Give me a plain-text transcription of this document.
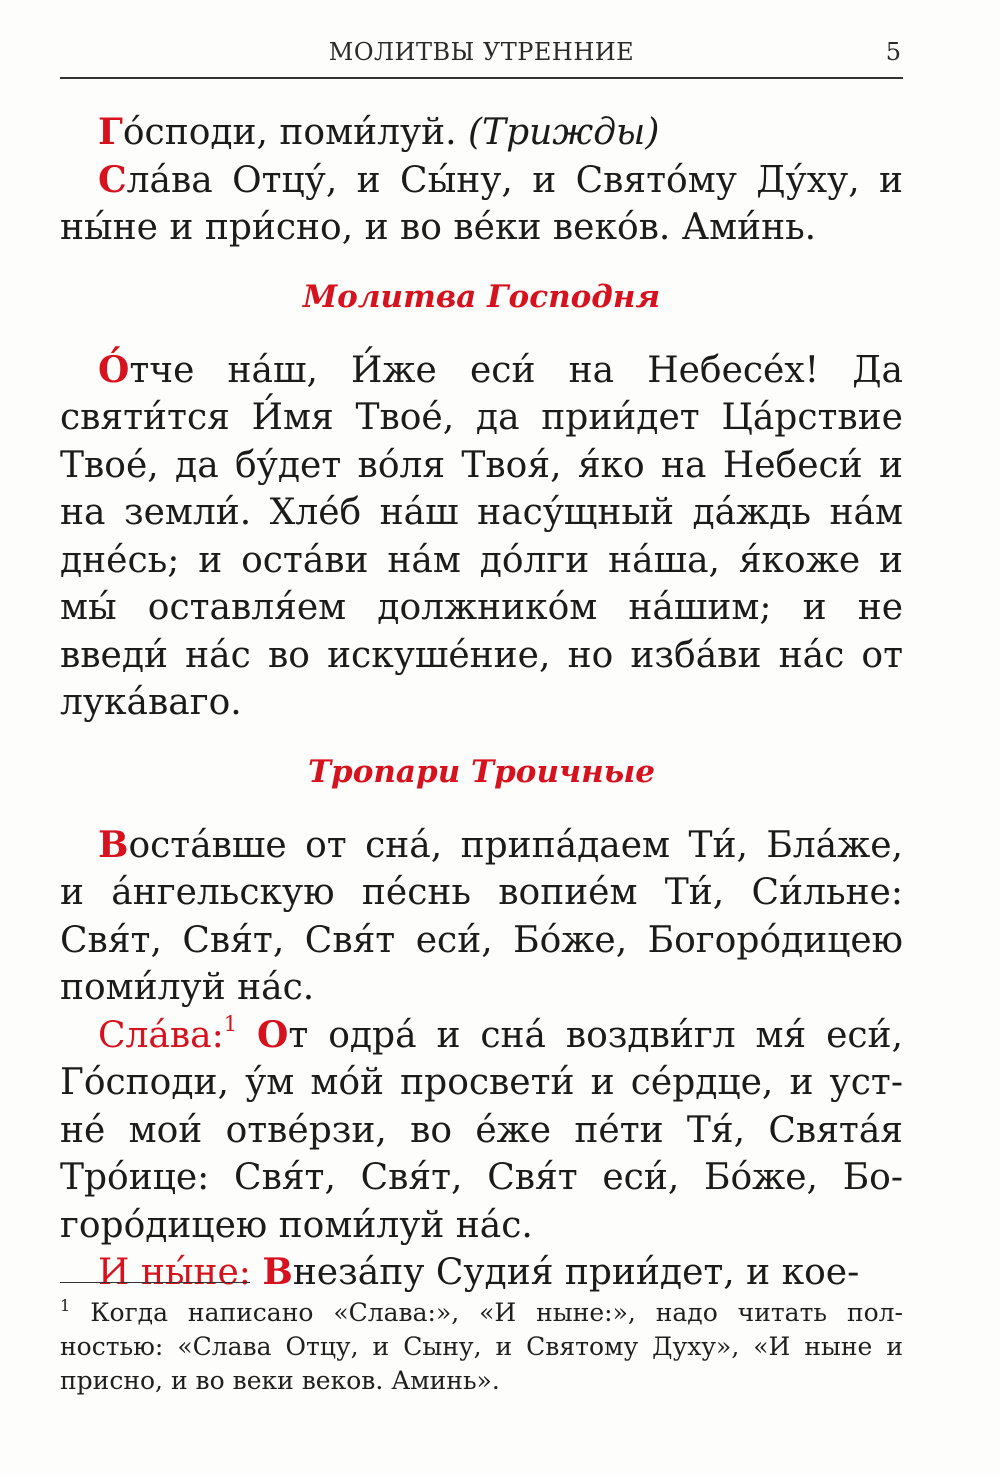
МОЛИТВЫ УТРЕННИЕ	5

Го́споди, поми́луй. (Трижды)

Сла́ва Отцу́, и Сы́ну, и Свято́му Ду́ху, и ны́не и при́сно, и во ве́ки веко́в. Ами́нь.

Молитва Господня

О́тче на́ш, И́же еси́ на Небесе́х! Да святи́тся И́мя Твое́, да прии́дет Ца́рствие Твое́, да бу́дет во́ля Твоя́, я́ко на Небеси́ и на земли́. Хле́б на́ш насу́щный да́ждь на́м дне́сь; и оста́ви на́м до́лги на́ша, я́коже и мы́ оставля́ем должнико́м на́шим; и не введи́ на́с во искуше́ние, но изба́ви на́с от лука́ваго.

Тропари Троичные

Воста́вше от сна́, припа́даем Ти́, Бла́же, и а́нгельскую пе́снь вопие́м Ти́, Си́льне: Свя́т, Свя́т, Свя́т еси́, Бо́же, Богоро́дицею поми́луй на́с.

Сла́ва:$^1$ От одра́ и сна́ воздви́гл мя́ еси́, Го́споди, у́м мо́й просвети́ и се́рдце, и устне́ мои́ отве́рзи, во е́же пе́ти Тя́, Свята́я Тро́ице: Свя́т, Свя́т, Свя́т еси́, Бо́же, Богоро́дицею поми́луй на́с.

И ны́не: Внеза́пу Судия́ прии́дет, и кое-

$^1$ Когда написано «Слава:», «И ныне:», надо читать полностью: «Слава Отцу, и Сыну, и Святому Духу», «И ныне и присно, и во веки веков. Аминь».
